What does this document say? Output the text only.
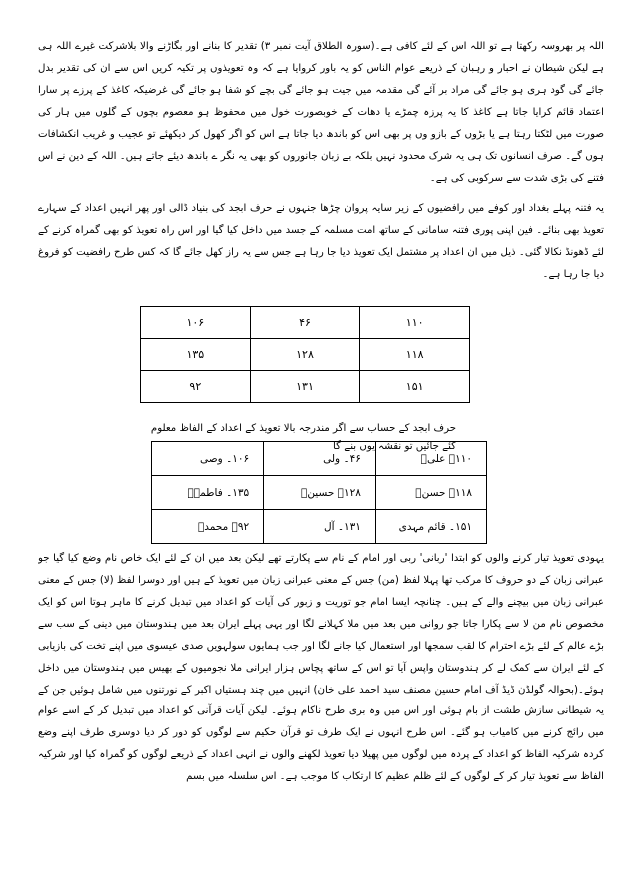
اللہ پر بھروسہ رکھتا ہے تو اللہ اس کے لئے کافی ہے۔(سورہ الطلاق آیت نمبر ۳) تقدیر کا بنانے اور بگاڑنے والا بلاشرکت غیرے اللہ ہی ہے لیکن شیطان نے احبار و رہبان کے ذریعے عوام الناس کو یہ باور کروایا ہے کہ وہ تعویذوں پر تکیہ کریں اس سے ان کی تقدیر بدل جائے گی گود ہری ہو جائے گی مراد بر آئے گی مقدمہ میں جیت ہو جائے گی بچے کو شفا ہو جائے گی غرضیکہ کاغذ کے پرزے پر سارا اعتماد قائم کرایا جاتا ہے کاغذ کا یہ پرزہ چمڑے یا دھات کے خوبصورت خول میں محفوظ ہو معصوم بچوں کے گلوں میں ہار کی صورت میں لٹکتا رہتا ہے یا بڑوں کے بازو وں پر بھی اس کو باندھ دیا جاتا ہے اس کو اگر کھول کر دیکھئے تو عجیب و غریب انکشافات ہوں گے۔ صرف انسانوں تک ہی یہ شرک محدود نہیں بلکہ بے زبان جانوروں کو بھی یہ نگر ے باندھ دیئے جاتے ہیں۔ اللہ کے دین نے اس فتنے کی بڑی شدت سے سرکوبی کی ہے۔
یہ فتنہ پہلے بغداد اور کوفے میں رافضیوں کے زیر سایہ پروان چڑھا جنہوں نے حرف ابجد کی بنیاد ڈالی اور پھر انہیں اعداد کے سہارے تعویذ بھی بنائے۔ فین اپنی پوری فتنہ سامانی کے ساتھ امت مسلمہ کے جسد میں داخل کیا گیا اور اس راہ تعویذ کو بھی گمراہ کرنے کے لئے ڈھونڈ نکالا گئی۔ ذیل میں ان اعداد پر مشتمل ایک تعویذ دیا جا رہا ہے جس سے یہ راز کھل جائے گا کہ کس طرح رافضیت کو فروغ دیا جا رہا ہے۔
۱۱۰	۴۶	۱۰۶
۱۱۸	۱۲۸	۱۳۵
۱۵۱	۱۳۱	۹۲
حرف ابجد کے حساب سے اگر مندرجہ بالا تعویذ کے اعداد کے الفاظ معلوم کئے جائیں تو نقشہ یوں بنے گا
۱۱۰۔ علیؑ	۴۶۔ ولی	۱۰۶۔ وصی
۱۱۸۔ حسنؑ	۱۲۸۔ حسینؑ	۱۳۵۔ فاطمہؑ
۱۵۱۔ قائم مہدی	۱۳۱۔ آل	۹۲۔ محمدؐ
یہودی تعویذ تیار کرنے والوں کو ابتدا 'ربانی' ربی اور امام کے نام سے پکارتے تھے لیکن بعد میں ان کے لئے ایک خاص نام وضع کیا گیا جو عبرانی زبان کے دو حروف کا مرکب تھا پہلا لفظ (من) جس کے معنی عبرانی زبان میں تعویذ کے ہیں اور دوسرا لفظ (لا) جس کے معنی عبرانی زبان میں بیچنے والے کے ہیں۔ چنانچہ ایسا امام جو توریت و زبور کی آیات کو اعداد میں تبدیل کرنے کا ماہر ہوتا اس کو ایک مخصوص نام من لا سے پکارا جاتا جو روانی میں بعد میں ملا کہلانے لگا اور یہی پہلے ایران بعد میں ہندوستان میں دینی کے سب سے بڑے عالم کے لئے بڑے احترام کا لقب سمجھا اور استعمال کیا جانے لگا اور جب ہمایوں سولہویں صدی عیسوی میں اپنے تخت کی بازیابی کے لئے ایران سے کمک لے کر ہندوستان واپس آیا تو اس کے ساتھ پچاس ہزار ایرانی ملا نجومیوں کے بھیس میں ہندوستان میں داخل ہوئے۔(بحوالہ گولڈن ڈیڈ آف امام حسین مصنف سید احمد علی خان) انہیں میں چند ہستیاں اکبر کے نورتنوں میں شامل ہوئیں جن کے
یہ شیطانی سازش طشت از بام ہوئی اور اس میں وہ بری طرح ناکام ہوئے۔ لیکن آیات قرآنی کو اعداد میں تبدیل کر کے اسے عوام میں رائج کرنے میں کامیاب ہو گئے۔ اس طرح انہوں نے ایک طرف تو قرآن حکیم سے لوگوں کو دور کر دیا دوسری طرف اپنے وضع کردہ شرکیہ الفاظ کو اعداد کے پردہ میں لوگوں میں پھیلا دیا تعویذ لکھنے والوں نے انہی اعداد کے ذریعے لوگوں کو گمراہ کیا اور شرکیہ الفاظ سے تعویذ تیار کر کے لوگوں کے لئے ظلم عظیم کا ارتکاب کا موجب ہے۔ اس سلسلہ میں بسم
